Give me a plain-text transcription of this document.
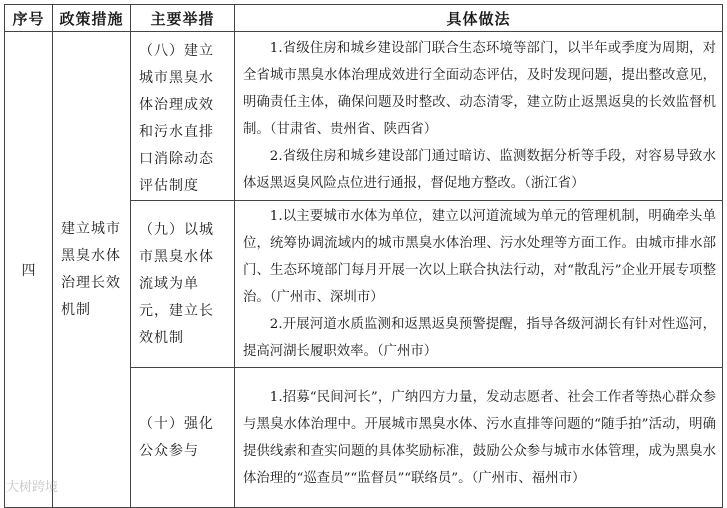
序号	政策措施	主要举措	具体做法
四	建立城市黑臭水体治理长效机制	（八）建立城市黑臭水体治理成效和污水直排口消除动态评估制度	1.省级住房和城乡建设部门联合生态环境等部门，以半年或季度为周期，对全省城市黑臭水体治理成效进行全面动态评估，及时发现问题，提出整改意见，明确责任主体，确保问题及时整改、动态清零，建立防止返黑返臭的长效监督机制。（甘肃省、贵州省、陕西省）

2.省级住房和城乡建设部门通过暗访、监测数据分析等手段，对容易导致水体返黑返臭风险点位进行通报，督促地方整改。（浙江省）

		（九）以城市黑臭水体流域为单元，建立长效机制	1.以主要城市水体为单位，建立以河道流域为单元的管理机制，明确牵头单位，统筹协调流域内的城市黑臭水体治理、污水处理等方面工作。由城市排水部门、生态环境部门每月开展一次以上联合执法行动，对“散乱污”企业开展专项整治。（广州市、深圳市）

2.开展河道水质监测和返黑返臭预警提醒，指导各级河湖长有针对性巡河，提高河湖长履职效率。（广州市）

		（十）强化公众参与	1.招募“民间河长”，广纳四方力量，发动志愿者、社会工作者等热心群众参与黑臭水体治理中。开展城市黑臭水体、污水直排等问题的“随手拍”活动，明确提供线索和查实问题的具体奖励标准，鼓励公众参与城市水体管理，成为黑臭水体治理的“巡查员”“监督员”“联络员”。（广州市、福州市）

大树跨境
